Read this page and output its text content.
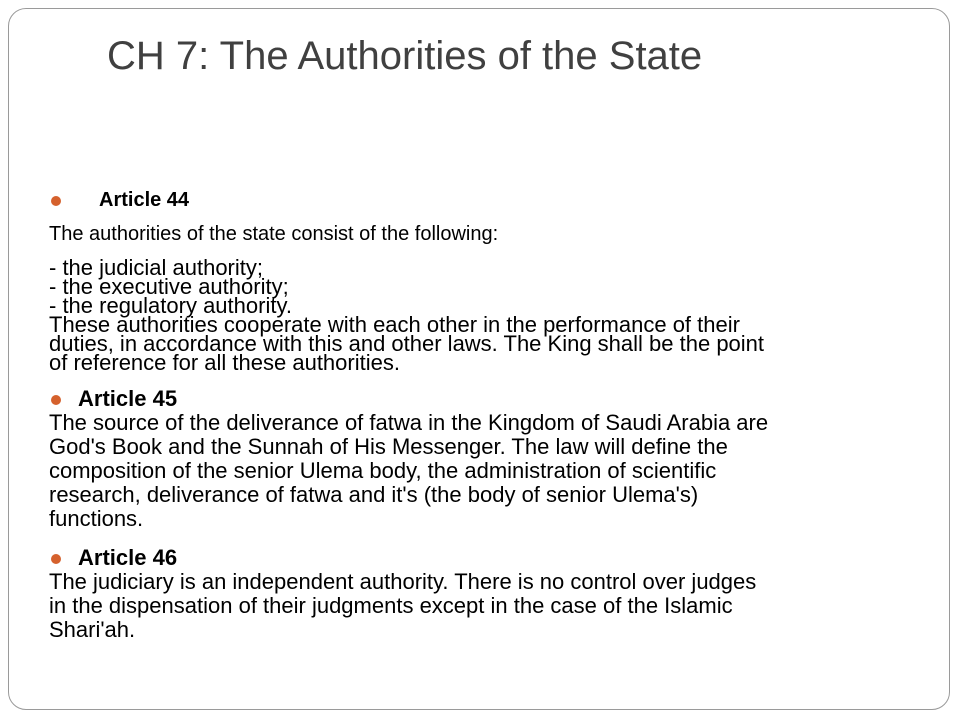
CH 7: The Authorities of the State
Article 44
The authorities of the state consist of the following:
- the judicial authority;
- the executive authority;
- the regulatory authority.
These authorities cooperate with each other in the performance of their
duties, in accordance with this and other laws. The King shall be the point
of reference for all these authorities.
Article 45
The source of the deliverance of fatwa in the Kingdom of Saudi Arabia are
God's Book and the Sunnah of His Messenger. The law will define the
composition of the senior Ulema body, the administration of scientific
research, deliverance of fatwa and it's (the body of senior Ulema's)
functions.
Article 46
The judiciary is an independent authority. There is no control over judges
in the dispensation of their judgments except in the case of the Islamic
Shari'ah.
